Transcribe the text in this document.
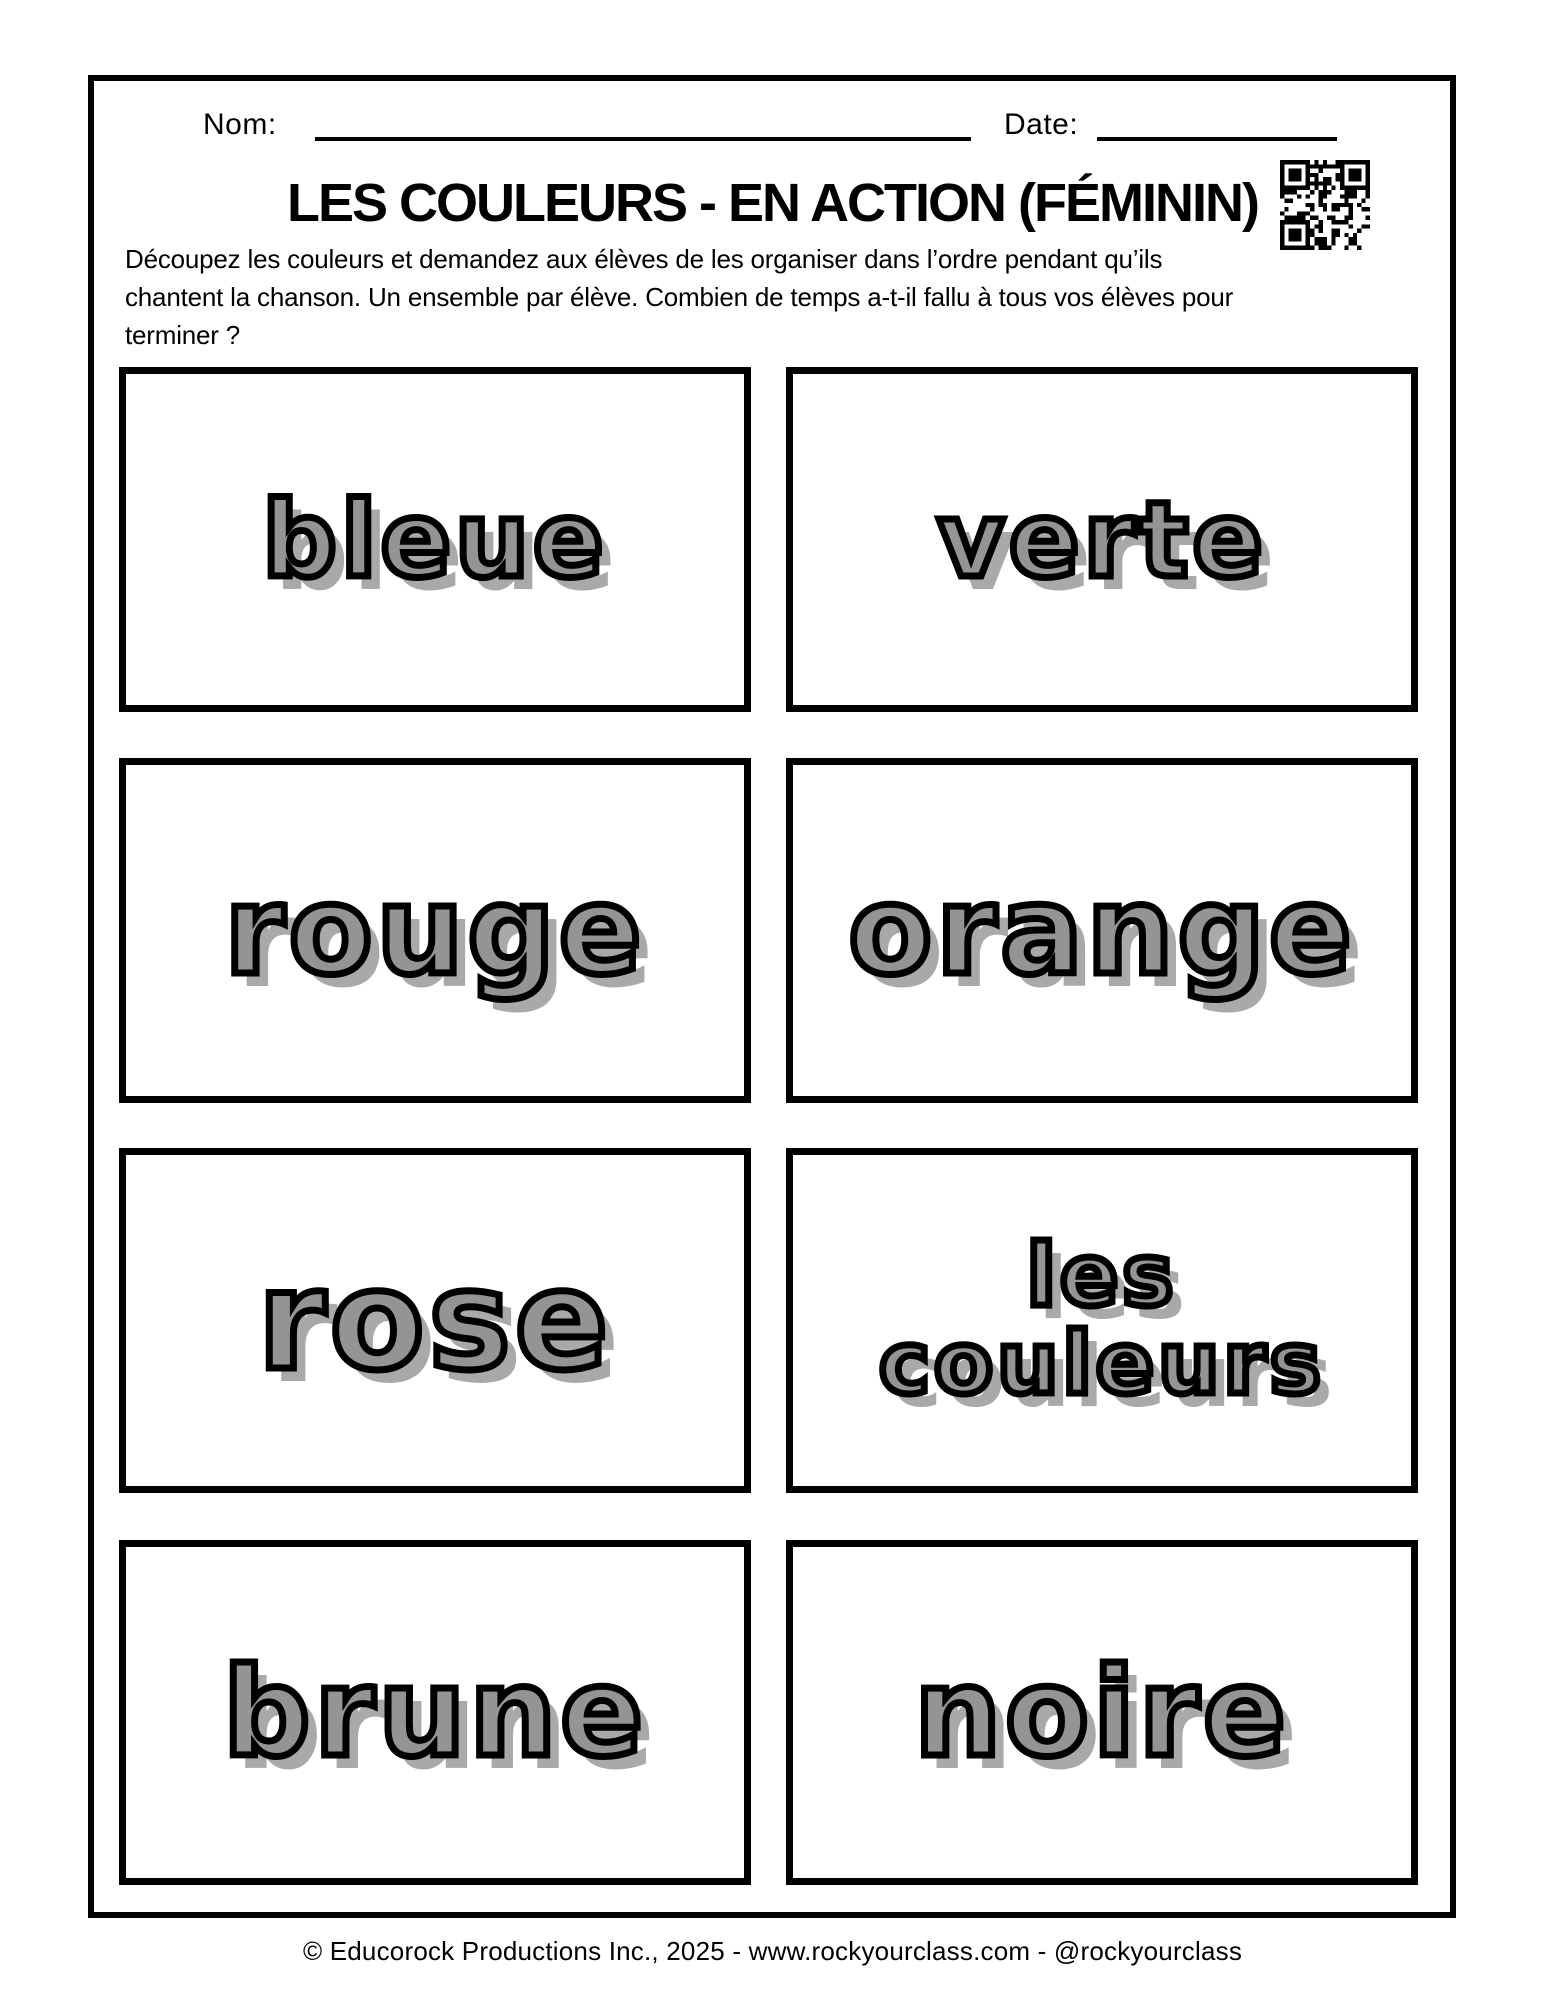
Nom:	Date:
LES COULEURS - EN ACTION (FÉMININ)
Découpez les couleurs et demandez aux élèves de les organiser dans l’ordre pendant qu’ils
chantent la chanson. Un ensemble par élève. Combien de temps a-t-il fallu à tous vos élèves pour
terminer ?
bleue	verte
rouge orange
rose	les couleurs
brune noire
© Educorock Productions Inc., 2025 - www.rockyourclass.com - @rockyourclass
